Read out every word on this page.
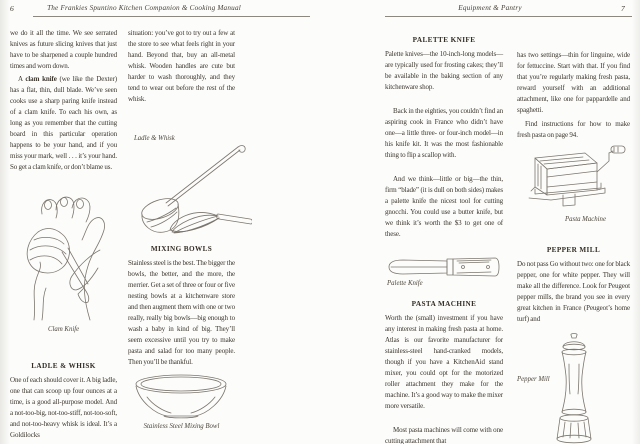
6	The Frankies Spuntino Kitchen Companion & Cooking Manual	Equipment & Pantry	7

we do it all the time. We see serrated knives as future slicing knives that just have to be sharpened a couple hundred times and worn down.

A clam knife (we like the Dexter) has a flat, thin, dull blade. We’ve seen cooks use a sharp paring knife instead of a clam knife. To each his own, as long as you remember that the cutting board in this particular operation happens to be your hand, and if you miss your mark, well . . . it’s your hand. So get a clam knife, or don’t blame us.

Clam Knife

LADLE & WHISK

One of each should cover it. A big ladle, one that can scoop up four ounces at a time, is a good all-purpose model. And a not-too-big, not-too-stiff, not-too-soft, and not-too-heavy whisk is ideal. It’s a Goldilocks

situation: you’ve got to try out a few at the store to see what feels right in your hand. Beyond that, buy an all-metal whisk. Wooden handles are cute but harder to wash thoroughly, and they tend to wear out before the rest of the whisk.

Ladle & Whisk

MIXING BOWLS

Stainless steel is the best. The bigger the bowls, the better, and the more, the merrier. Get a set of three or four or five nesting bowls at a kitchenware store and then augment them with one or two really, really big bowls—big enough to wash a baby in kind of big. They’ll seem excessive until you try to make pasta and salad for too many people. Then you’ll be thankful.

Stainless Steel Mixing Bowl

PALETTE KNIFE

Palette knives—the 10-inch-long models—are typically used for frosting cakes; they’ll be available in the baking section of any kitchenware shop.

Back in the eighties, you couldn’t find an aspiring cook in France who didn’t have one—a little three- or four-inch model—in his knife kit. It was the most fashionable thing to flip a scallop with.

And we think—little or big—the thin, firm “blade” (it is dull on both sides) makes a palette knife the nicest tool for cutting gnocchi. You could use a butter knife, but we think it’s worth the $3 to get one of these.

Palette Knife

PASTA MACHINE

Worth the (small) investment if you have any interest in making fresh pasta at home. Atlas is our favorite manufacturer for stainless-steel hand-cranked models, though if you have a KitchenAid stand mixer, you could opt for the motorized roller attachment they make for the machine. It’s a good way to make the mixer more versatile.

Most pasta machines will come with one cutting attachment that

has two settings—thin for linguine, wide for fettuccine. Start with that. If you find that you’re regularly making fresh pasta, reward yourself with an additional attachment, like one for pappardelle and spaghetti.

Find instructions for how to make fresh pasta on page 94.

Pasta Machine

PEPPER MILL

Do not pass Go without two: one for black pepper, one for white pepper. They will make all the difference. Look for Peugeot pepper mills, the brand you see in every great kitchen in France (Peugeot’s home turf) and

Pepper Mill
